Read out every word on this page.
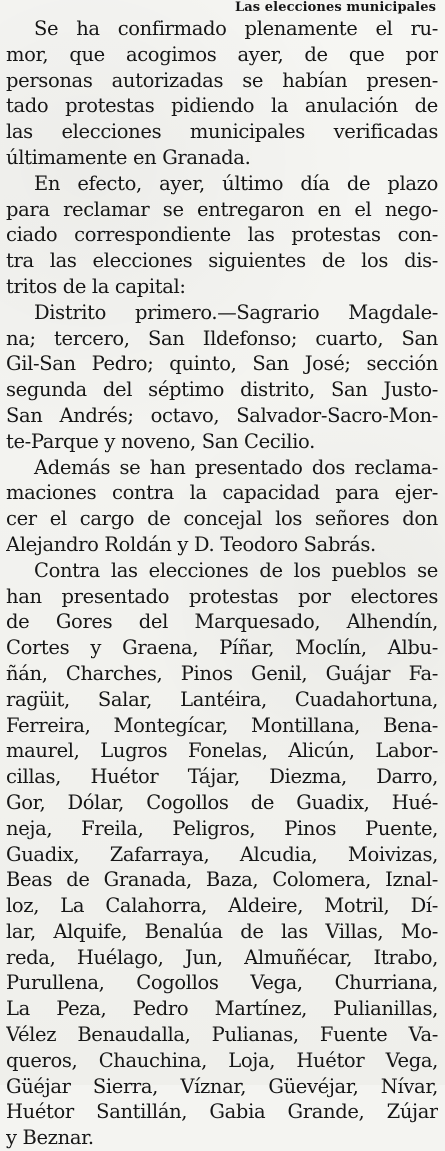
Las elecciones municipales
Se ha confirmado plenamente el ru-
mor, que acogimos ayer, de que por
personas autorizadas se habían presen-
tado protestas pidiendo la anulación de
las elecciones municipales verificadas
últimamente en Granada.
En efecto, ayer, último día de plazo
para reclamar se entregaron en el nego-
ciado correspondiente las protestas con-
tra las elecciones siguientes de los dis-
tritos de la capital:
Distrito primero.—Sagrario Magdale-
na; tercero, San Ildefonso; cuarto, San
Gil-San Pedro; quinto, San José; sección
segunda del séptimo distrito, San Justo-
San Andrés; octavo, Salvador-Sacro-Mon-
te-Parque y noveno, San Cecilio.
Además se han presentado dos reclama-
maciones contra la capacidad para ejer-
cer el cargo de concejal los señores don
Alejandro Roldán y D. Teodoro Sabrás.
Contra las elecciones de los pueblos se
han presentado protestas por electores
de Gores del Marquesado, Alhendín,
Cortes y Graena, Píñar, Moclín, Albu-
ñán, Charches, Pinos Genil, Guájar Fa-
ragüit, Salar, Lantéira, Cuadahortuna,
Ferreira, Montegícar, Montillana, Bena-
maurel, Lugros Fonelas, Alicún, Labor-
cillas, Huétor Tájar, Diezma, Darro,
Gor, Dólar, Cogollos de Guadix, Hué-
neja, Freila, Peligros, Pinos Puente,
Guadix, Zafarraya, Alcudia, Moivizas,
Beas de Granada, Baza, Colomera, Iznal-
loz, La Calahorra, Aldeire, Motril, Dí-
lar, Alquife, Benalúa de las Villas, Mo-
reda, Huélago, Jun, Almuñécar, Itrabo,
Purullena, Cogollos Vega, Churriana,
La Peza, Pedro Martínez, Pulianillas,
Vélez Benaudalla, Pulianas, Fuente Va-
queros, Chauchina, Loja, Huétor Vega,
Güéjar Sierra, Víznar, Güevéjar, Nívar,
Huétor Santillán, Gabia Grande, Zújar
y Beznar.
